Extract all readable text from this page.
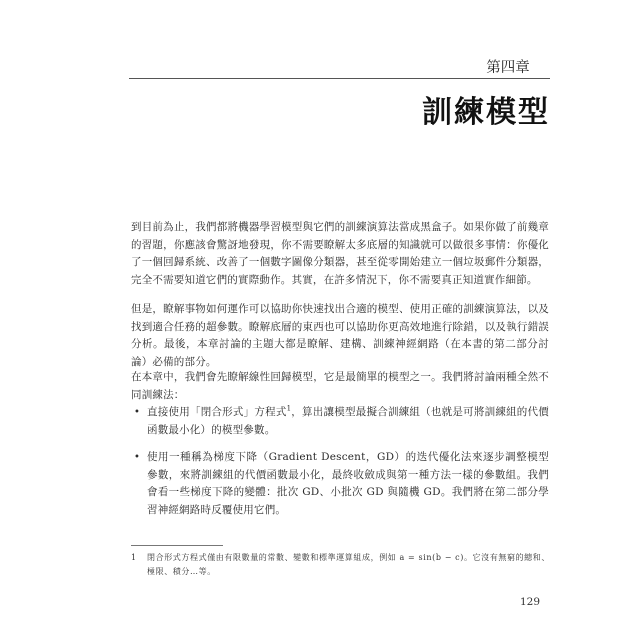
第四章
訓練模型

到目前為止，我們都將機器學習模型與它們的訓練演算法當成黑盒子。如果你做了前幾章的習題，你應該會驚訝地發現，你不需要瞭解太多底層的知識就可以做很多事情：你優化了一個回歸系統、改善了一個數字圖像分類器，甚至從零開始建立一個垃圾郵件分類器，完全不需要知道它們的實際動作。其實，在許多情況下，你不需要真正知道實作細節。

但是，瞭解事物如何運作可以協助你快速找出合適的模型、使用正確的訓練演算法，以及找到適合任務的超參數。瞭解底層的東西也可以協助你更高效地進行除錯，以及執行錯誤分析。最後，本章討論的主題大都是瞭解、建構、訓練神經網路（在本書的第二部分討論）必備的部分。

在本章中，我們會先瞭解線性回歸模型，它是最簡單的模型之一。我們將討論兩種全然不同訓練法：

• 直接使用「閉合形式」方程式$^1$，算出讓模型最擬合訓練組（也就是可將訓練組的代價函數最小化）的模型參數。
• 使用一種稱為梯度下降（Gradient Descent，GD）的迭代優化法來逐步調整模型參數，來將訓練組的代價函數最小化，最終收斂成與第一種方法一樣的參數組。我們會看一些梯度下降的變體：批次 GD、小批次 GD 與隨機 GD。我們將在第二部分學習神經網路時反覆使用它們。
1	閉合形式方程式僅由有限數量的常數、變數和標準運算組成，例如 a = sin(b − c)。它沒有無窮的總和、極限、積分…等。
129
